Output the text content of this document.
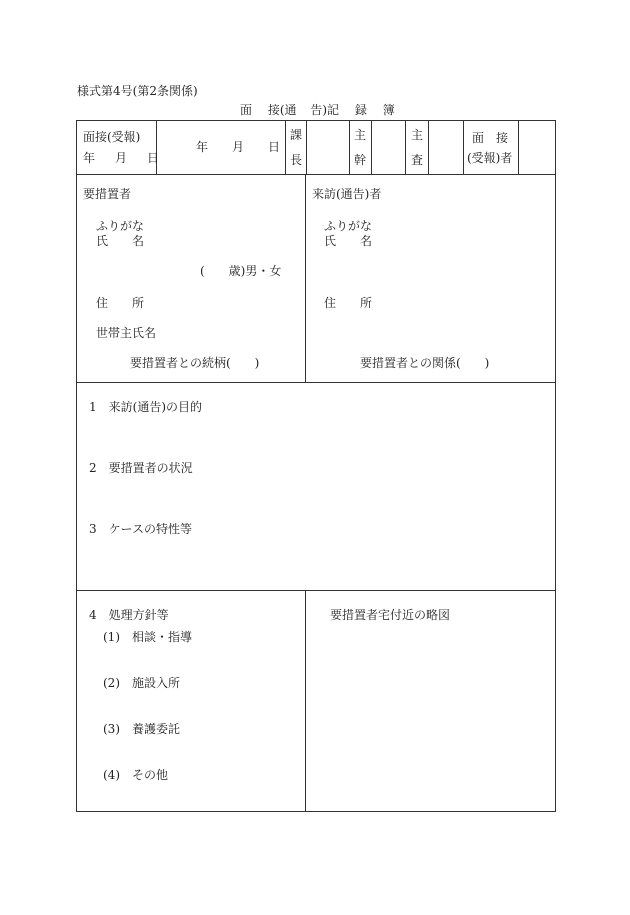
様式第4号(第2条関係)
面 接(通 告)記 録 簿
面接(受報)
年　月　日
年 月 日
課
長
主
幹
主
査
面　接
(受報)者
要措置者
ふりがな
氏　　名
(　　歳)男・女
住　　所
世帯主氏名
要措置者との続柄(　　)
来訪(通告)者
ふりがな
氏　　名
住　　所
要措置者との関係(　　)
1　来訪(通告)の目的
2　要措置者の状況
3　ケースの特性等
4　処理方針等
(1)　相談・指導
(2)　施設入所
(3)　養護委託
(4)　その他
要措置者宅付近の略図
